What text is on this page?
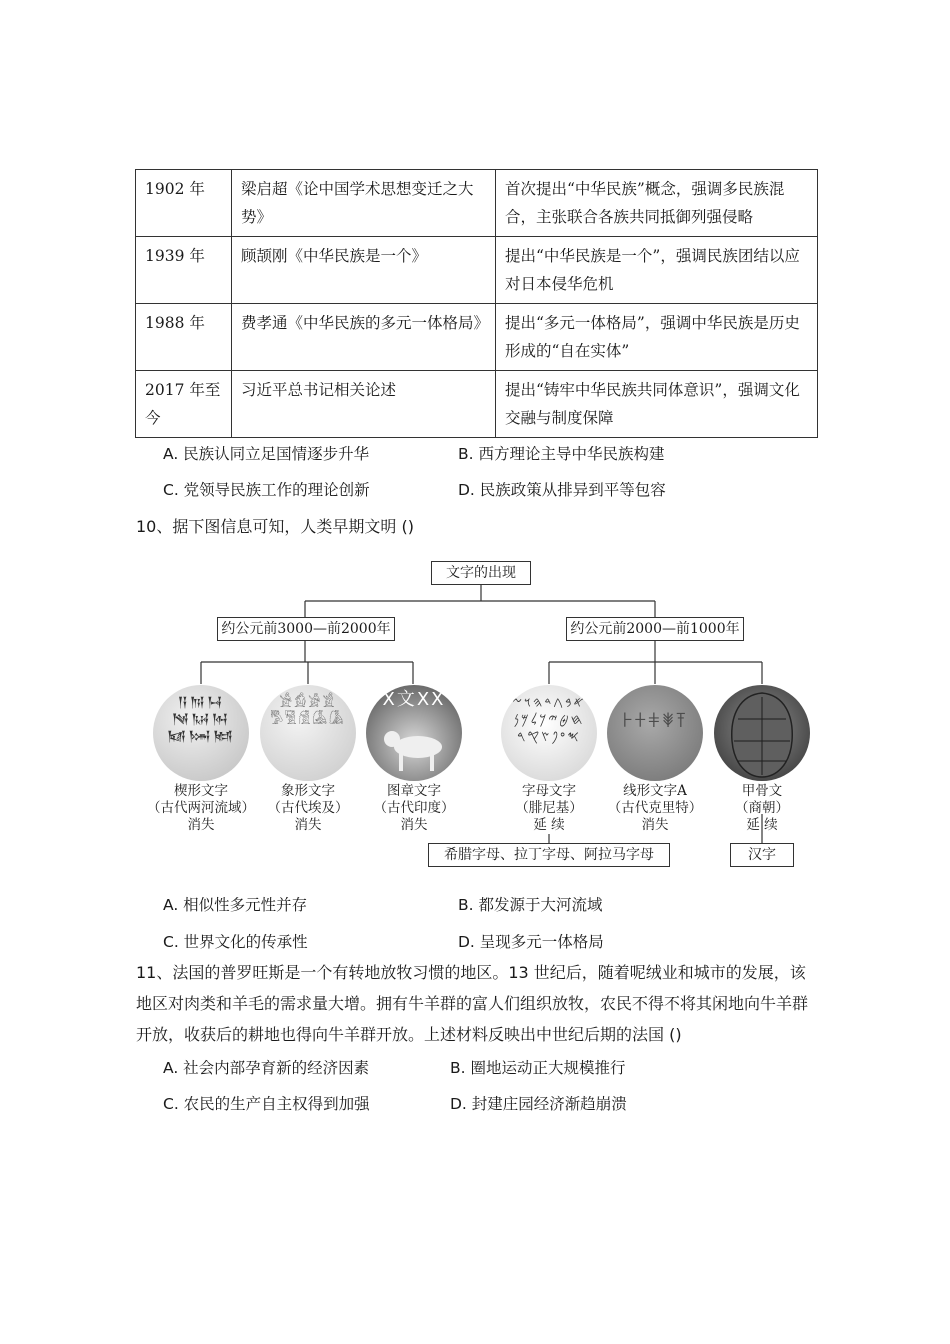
1902 年	梁启超《论中国学术思想变迁之大势》	首次提出“中华民族”概念，强调多民族混合，主张联合各族共同抵御列强侵略
1939 年	顾颉刚《中华民族是一个》	提出“中华民族是一个”，强调民族团结以应对日本侵华危机
1988 年	费孝通《中华民族的多元一体格局》	提出“多元一体格局”，强调中华民族是历史形成的“自在实体”
2017 年至今	习近平总书记相关论述	提出“铸牢中华民族共同体意识”，强调文化交融与制度保障
A. 民族认同立足国情逐步升华	B. 西方理论主导中华民族构建
C. 党领导民族工作的理论创新	D. 民族政策从排异到平等包容
10、据下图信息可知，人类早期文明 ()
文字的出现
约公元前3000—前2000年	约公元前2000—前1000年
𒀀𒀁𒀂𒀃𒀄𒀅𒀆𒀇𒀈
𓀀𓀁𓀂𓀃𓀄𓀅𓀆𓀇𓀈
Ⅹ文ⅩⅩ	𐤀𐤁𐤂𐤃𐤄𐤅𐤆𐤇𐤈𐤉𐤊𐤋𐤌𐤍𐤎𐤏𐤐𐤑𐤒𐤓
𐘀𐘁𐘂𐘃𐘄
楔形文字
（古代两河流域）
消失
象形文字
（古代埃及）
消失
图章文字
（古代印度）
消失
字母文字
（腓尼基）
延 续
线形文字A
（古代克里特）
消失
甲骨文
（商朝）
延 续
希腊字母、拉丁字母、阿拉马字母	汉字
A. 相似性多元性并存	B. 都发源于大河流域
C. 世界文化的传承性	D. 呈现多元一体格局
11、法国的普罗旺斯是一个有转地放牧习惯的地区。13 世纪后，随着呢绒业和城市的发展，该地区对肉类和羊毛的需求量大增。拥有牛羊群的富人们组织放牧，农民不得不将其闲地向牛羊群开放，收获后的耕地也得向牛羊群开放。上述材料反映出中世纪后期的法国 ()
A. 社会内部孕育新的经济因素	B. 圈地运动正大规模推行
C. 农民的生产自主权得到加强	D. 封建庄园经济渐趋崩溃
